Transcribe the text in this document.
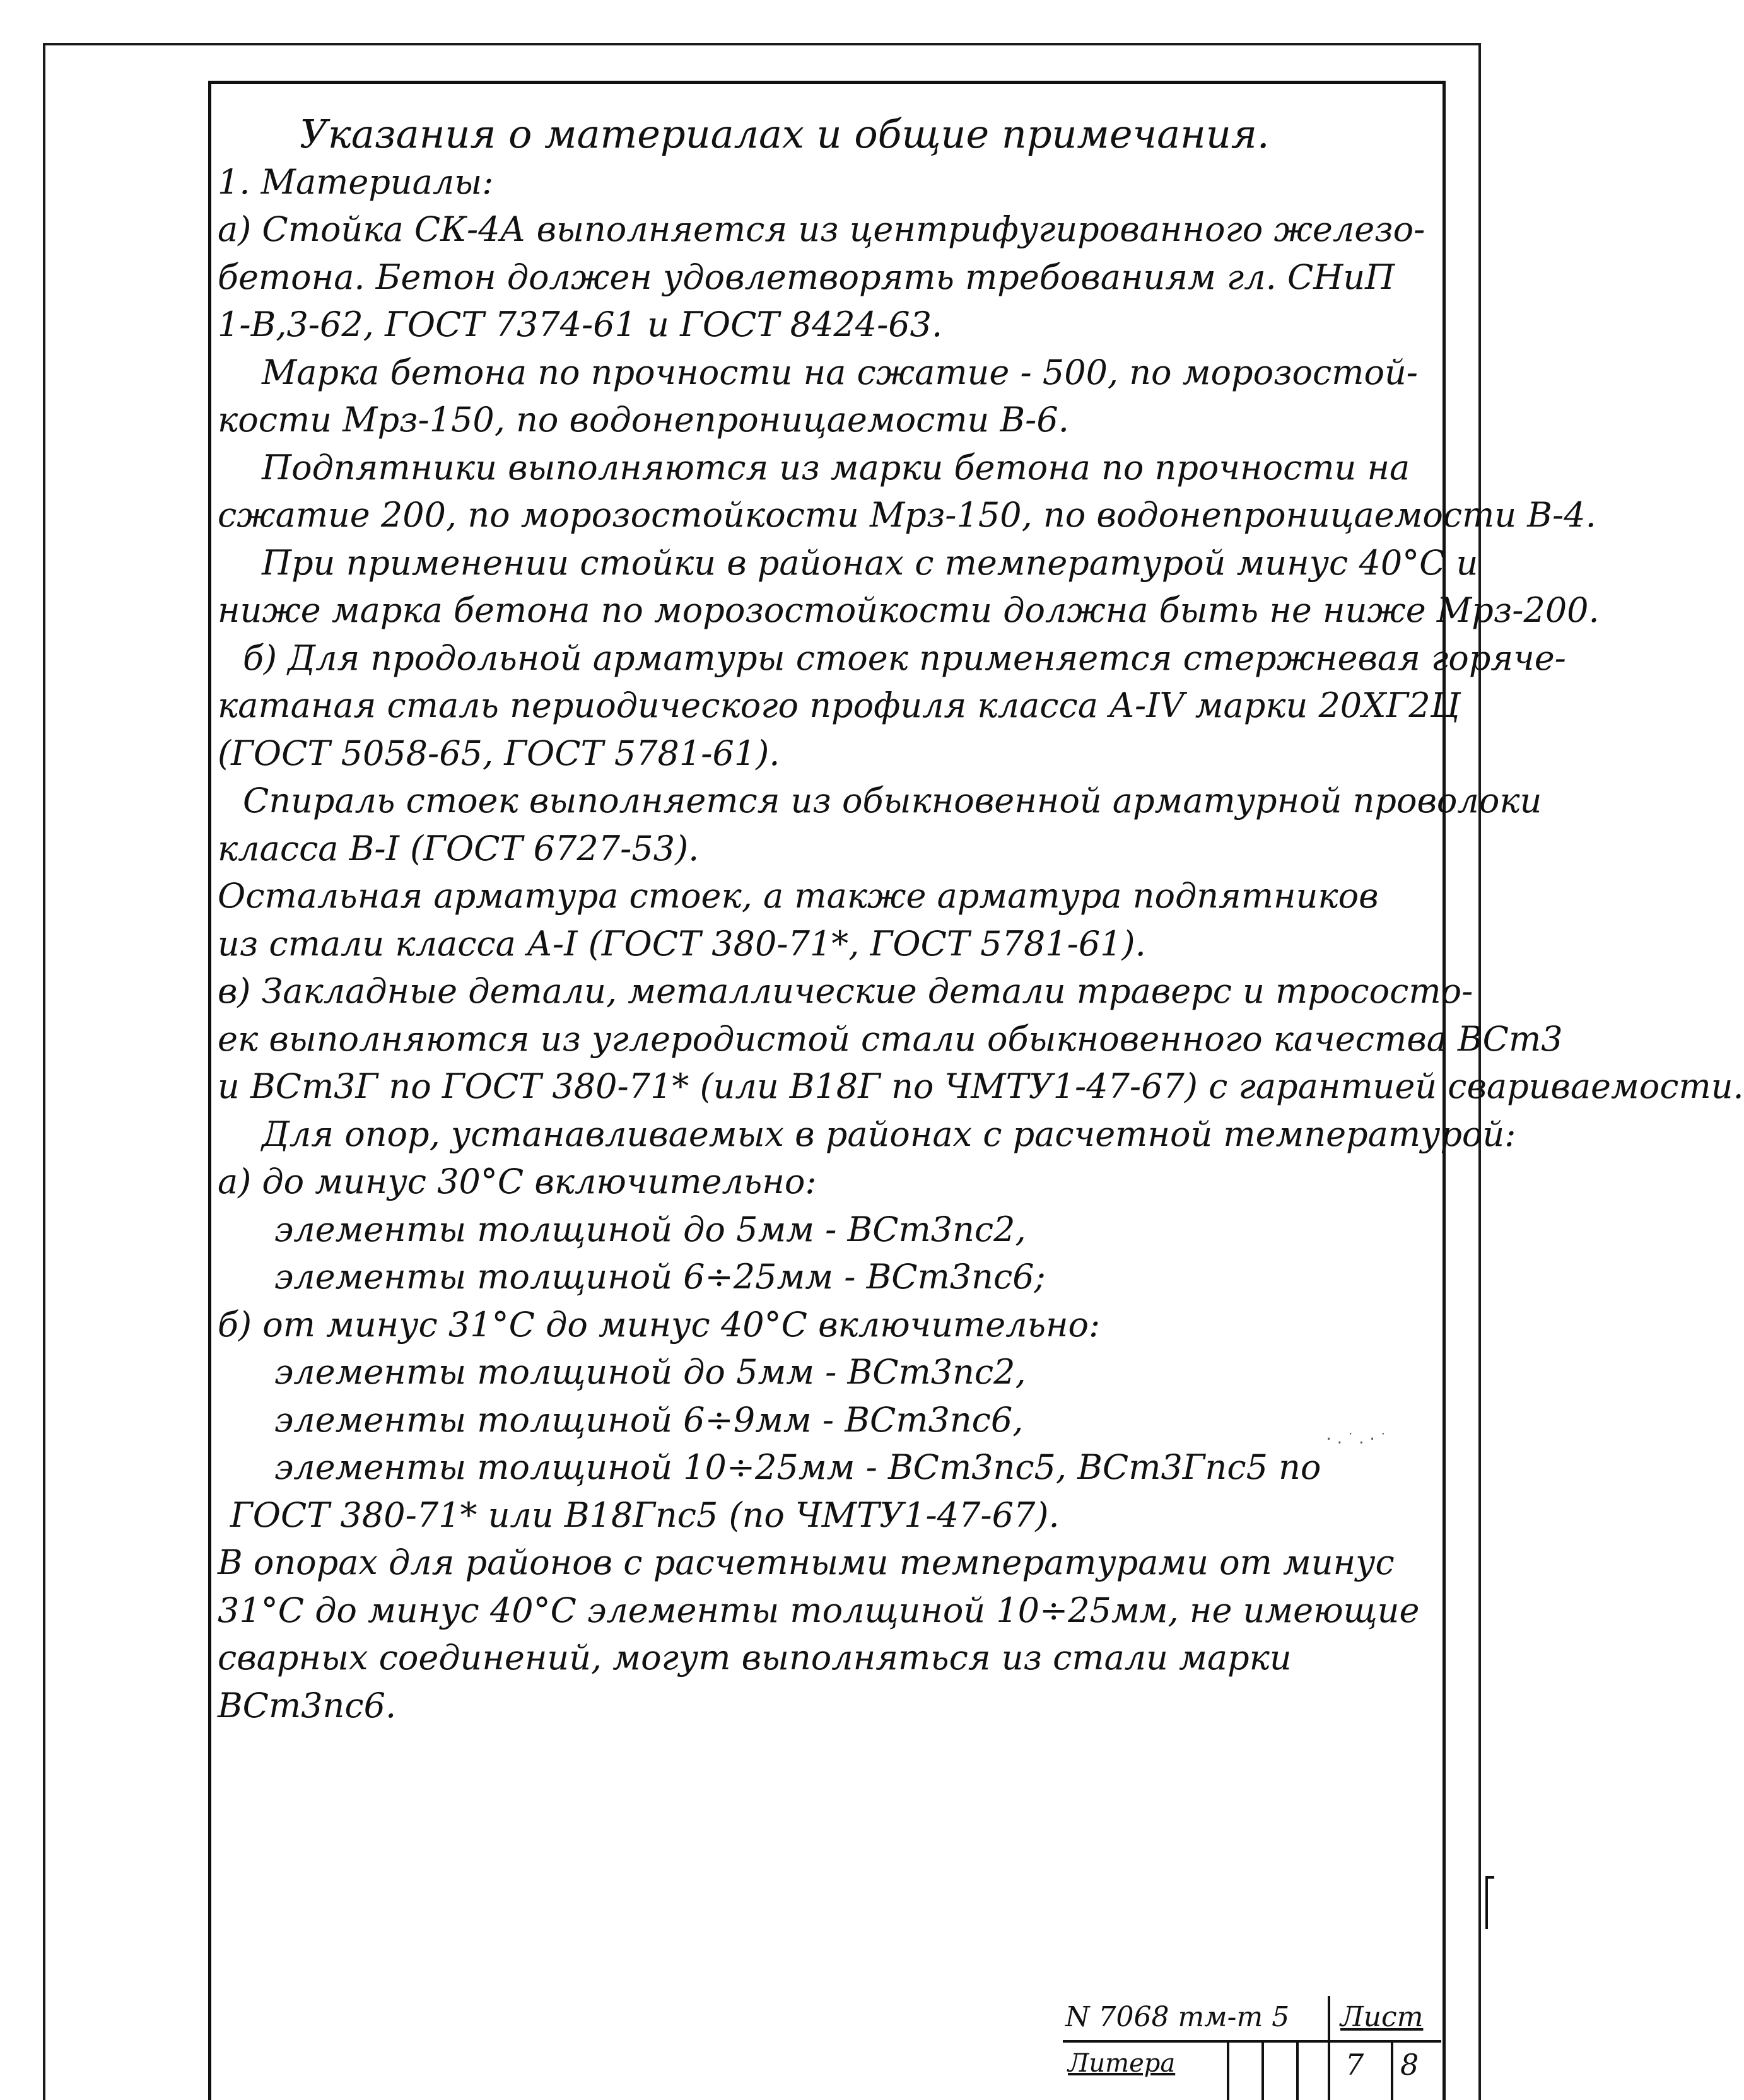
Указания о материалах и общие примечания.
1. Материалы:
а) Стойка СК-4А выполняется из центрифугированного железо-
бетона. Бетон должен удовлетворять требованиям гл. СНиП
1-В,3-62, ГОСТ 7374-61 и ГОСТ 8424-63.
Марка бетона по прочности на сжатие - 500, по морозостой-
кости Мрз-150, по водонепроницаемости В-6.
Подпятники выполняются из марки бетона по прочности на
сжатие 200, по морозостойкости Мрз-150, по водонепроницаемости В-4.
При применении стойки в районах с температурой минус 40°С и
ниже марка бетона по морозостойкости должна быть не ниже Мрз-200.
б) Для продольной арматуры стоек применяется стержневая горяче-
катаная сталь периодического профиля класса А-IV марки 20ХГ2Ц
(ГОСТ 5058-65, ГОСТ 5781-61).
Спираль стоек выполняется из обыкновенной арматурной проволоки
класса В-I (ГОСТ 6727-53).
Остальная арматура стоек, а также арматура подпятников
из стали класса А-I (ГОСТ 380-71*, ГОСТ 5781-61).
в) Закладные детали, металлические детали траверс и тросостo-
ек выполняются из углеродистой стали обыкновенного качества ВСт3
и ВСт3Г по ГОСТ 380-71* (или В18Г по ЧМТУ1-47-67) с гарантией свариваемости.
Для опор, устанавливаемых в районах с расчетной температурой:
а) до минус 30°С включительно:
элементы толщиной до 5мм - ВСт3пс2,
элементы толщиной 6÷25мм - ВСт3пс6;
б) от минус 31°С до минус 40°С включительно:
элементы толщиной до 5мм - ВСт3пс2,
элементы толщиной 6÷9мм - ВСт3пс6,
элементы толщиной 10÷25мм - ВСт3пс5, ВСт3Гпс5 по
ГОСТ 380-71* или В18Гпс5 (по ЧМТУ1-47-67).
В опорах для районов с расчетными температурами от минус
31°С до минус 40°С элементы толщиной 10÷25мм, не имеющие
сварных соединений, могут выполняться из стали марки
ВСт3пс6.
·.˙.·˙
N 7068 тм-т 5 Лист
Литера	7 8
